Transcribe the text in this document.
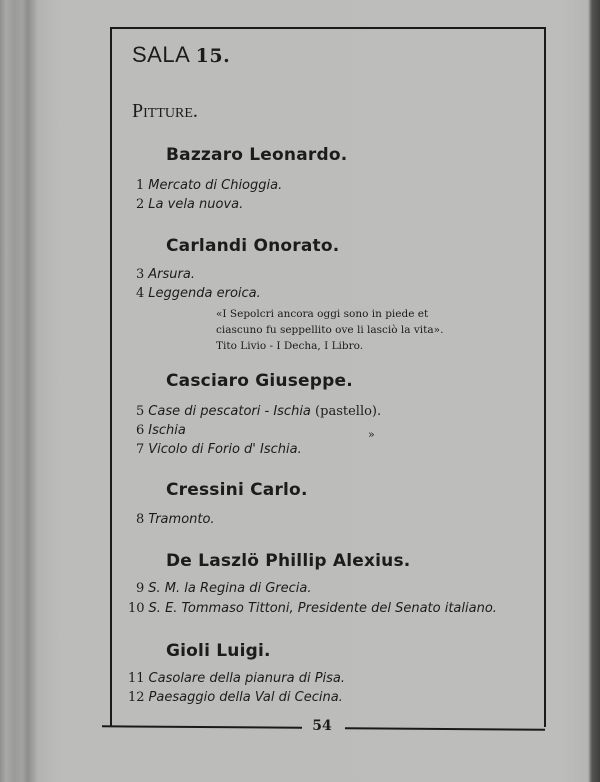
54
SALA 15.
Pitture.
Bazzaro Leonardo.
1 Mercato di Chioggia.
2 La vela nuova.
Carlandi Onorato.
3 Arsura.
4 Leggenda eroica.
«I Sepolcri ancora oggi sono in piede et ciascuno fu seppellito ove li lasciò la vita». Tito Livio - I Decha, I Libro.
Casciaro Giuseppe.
5 Case di pescatori - Ischia (pastello).
6 Ischia	»
7 Vicolo di Forio d' Ischia.
Cressini Carlo.
8 Tramonto.
De Laszlö Phillip Alexius.
9 S. M. la Regina di Grecia.
10 S. E. Tommaso Tittoni, Presidente del Senato italiano.
Gioli Luigi.
11 Casolare della pianura di Pisa.
12 Paesaggio della Val di Cecina.
